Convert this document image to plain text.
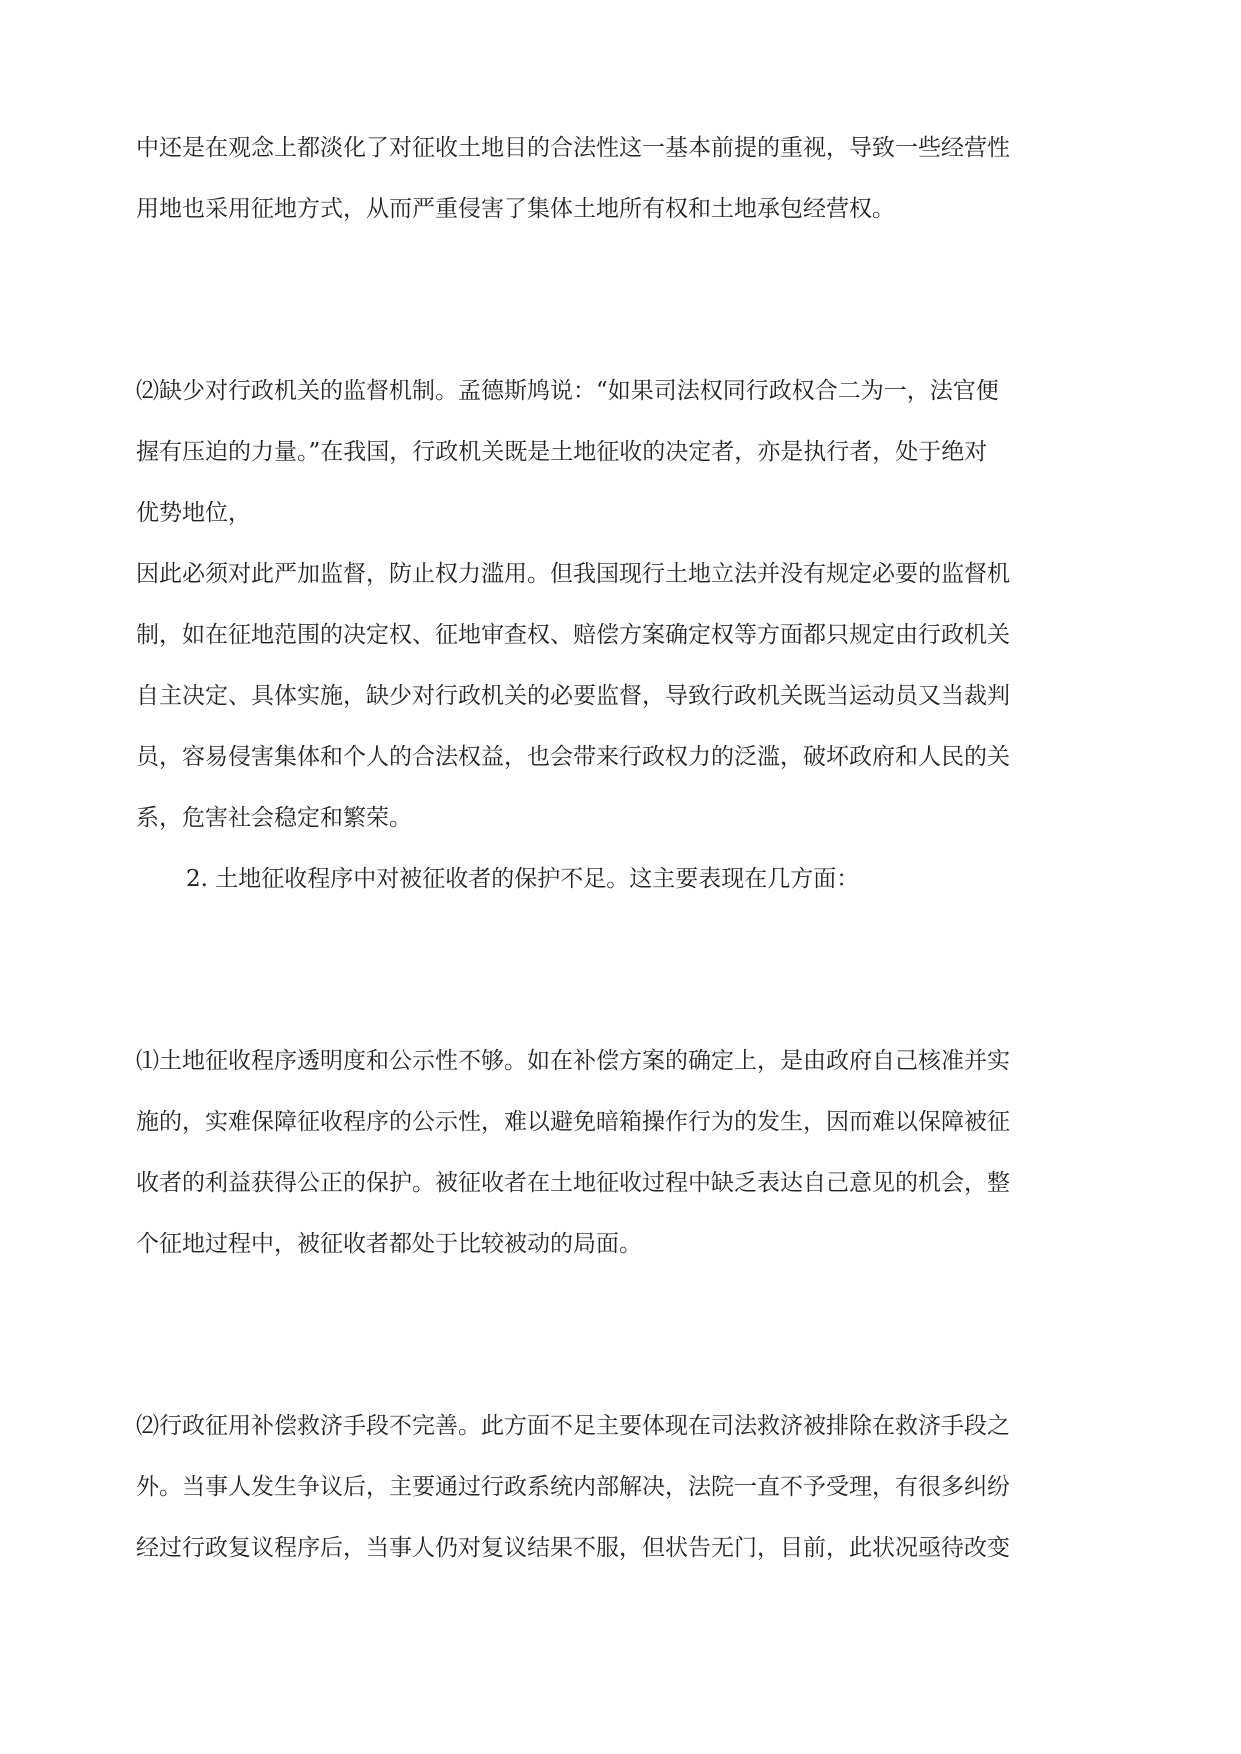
中还是在观念上都淡化了对征收土地目的合法性这一基本前提的重视，导致一些经营性

用地也采用征地方式，从而严重侵害了集体土地所有权和土地承包经营权。

⑵缺少对行政机关的监督机制。孟德斯鸠说：“如果司法权同行政权合二为一，法官便

握有压迫的力量。”在我国，行政机关既是土地征收的决定者，亦是执行者，处于绝对

优势地位，

因此必须对此严加监督，防止权力滥用。但我国现行土地立法并没有规定必要的监督机

制，如在征地范围的决定权、征地审查权、赔偿方案确定权等方面都只规定由行政机关

自主决定、具体实施，缺少对行政机关的必要监督，导致行政机关既当运动员又当裁判

员，容易侵害集体和个人的合法权益，也会带来行政权力的泛滥，破坏政府和人民的关

系，危害社会稳定和繁荣。

2. 土地征收程序中对被征收者的保护不足。这主要表现在几方面：

⑴土地征收程序透明度和公示性不够。如在补偿方案的确定上，是由政府自己核准并实

施的，实难保障征收程序的公示性，难以避免暗箱操作行为的发生，因而难以保障被征

收者的利益获得公正的保护。被征收者在土地征收过程中缺乏表达自己意见的机会，整

个征地过程中，被征收者都处于比较被动的局面。

⑵行政征用补偿救济手段不完善。此方面不足主要体现在司法救济被排除在救济手段之

外。当事人发生争议后，主要通过行政系统内部解决，法院一直不予受理，有很多纠纷

经过行政复议程序后，当事人仍对复议结果不服，但状告无门，目前，此状况亟待改变
